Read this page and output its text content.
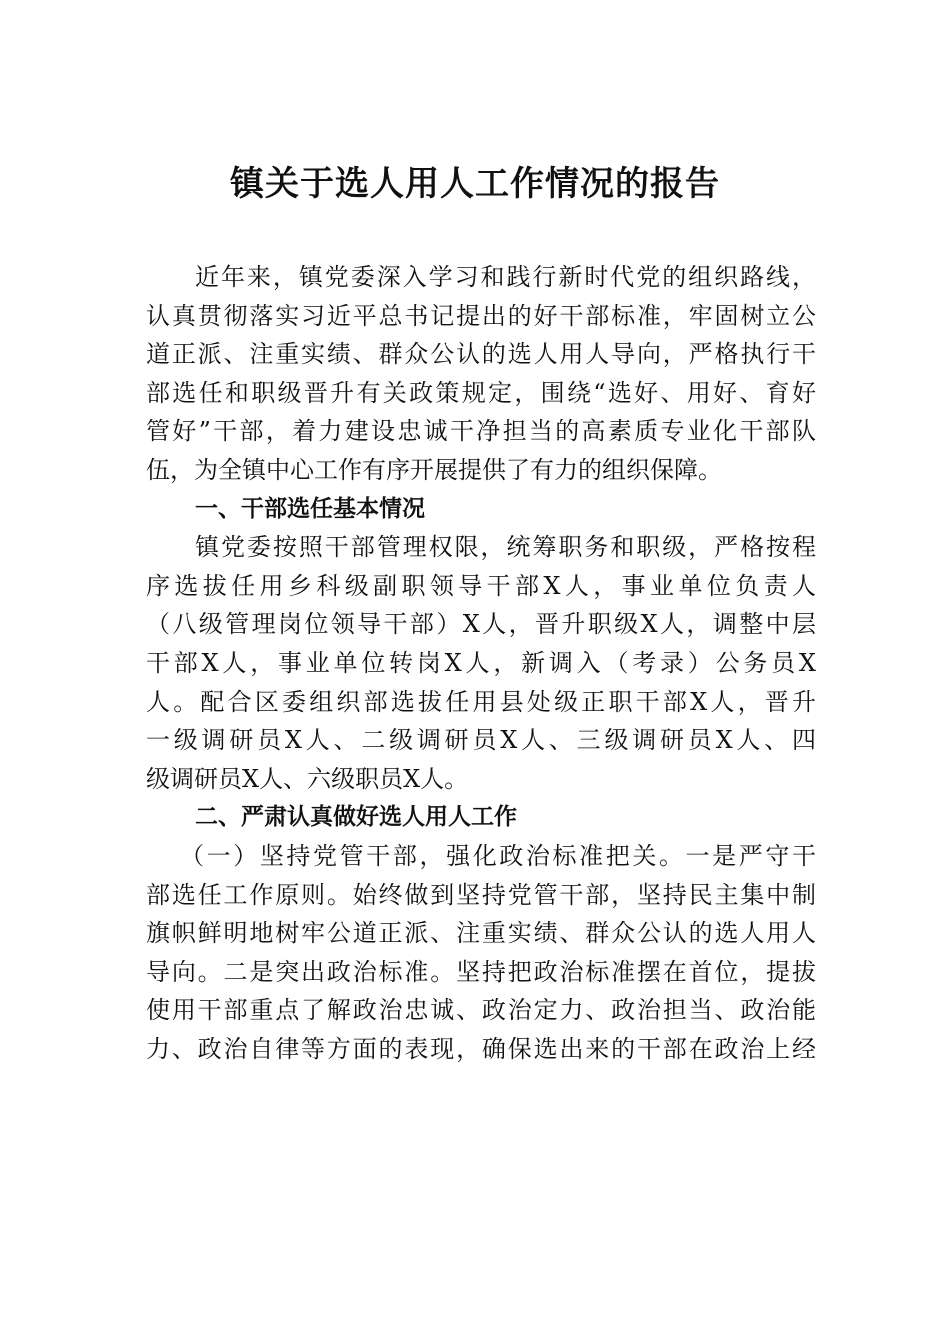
镇关于选人用人工作情况的报告
近年来，镇党委深入学习和践行新时代党的组织路线，
认真贯彻落实习近平总书记提出的好干部标准，牢固树立公
道正派、注重实绩、群众公认的选人用人导向，严格执行干
部选任和职级晋升有关政策规定，围绕“选好、用好、育好
管好”干部，着力建设忠诚干净担当的高素质专业化干部队
伍，为全镇中心工作有序开展提供了有力的组织保障。
一、干部选任基本情况
镇党委按照干部管理权限，统筹职务和职级，严格按程
序选拔任用乡科级副职领导干部X人，事业单位负责人
（八级管理岗位领导干部）X人，晋升职级X人，调整中层
干部X人，事业单位转岗X人，新调入（考录）公务员X
人。配合区委组织部选拔任用县处级正职干部X人，晋升
一级调研员X人、二级调研员X人、三级调研员X人、四
级调研员X人、六级职员X人。
二、严肃认真做好选人用人工作
（一）坚持党管干部，强化政治标准把关。一是严守干
部选任工作原则。始终做到坚持党管干部，坚持民主集中制
旗帜鲜明地树牢公道正派、注重实绩、群众公认的选人用人
导向。二是突出政治标准。坚持把政治标准摆在首位，提拔
使用干部重点了解政治忠诚、政治定力、政治担当、政治能
力、政治自律等方面的表现，确保选出来的干部在政治上经
